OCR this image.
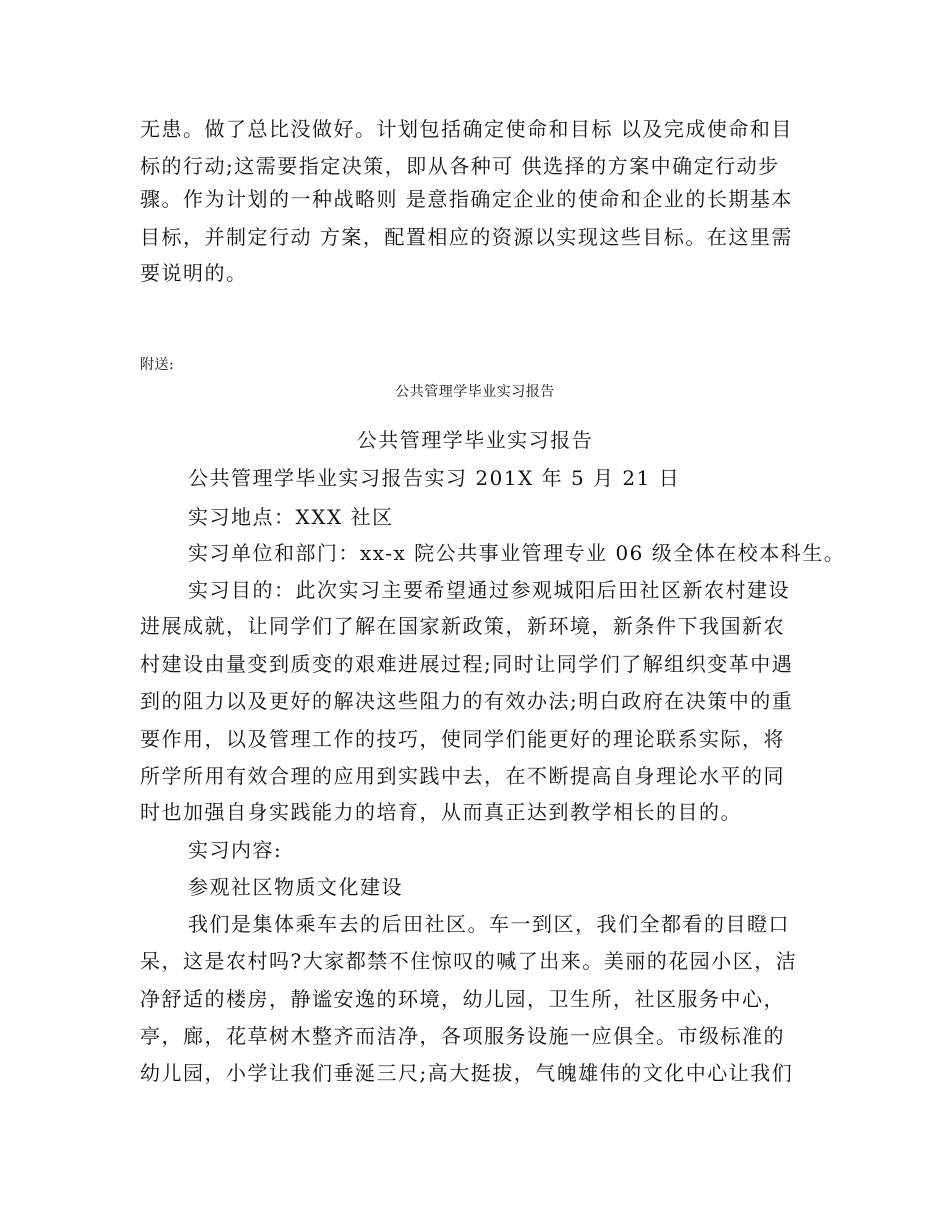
无患。做了总比没做好。计划包括确定使命和目标 以及完成使命和目
标的行动;这需要指定决策，即从各种可 供选择的方案中确定行动步
骤。作为计划的一种战略则 是意指确定企业的使命和企业的长期基本
目标，并制定行动 方案，配置相应的资源以实现这些目标。在这里需
要说明的。
附送:
公共管理学毕业实习报告
公共管理学毕业实习报告
公共管理学毕业实习报告实习 201X 年 5 月 21 日
实习地点：XXX 社区
实习单位和部门：xx-x 院公共事业管理专业 06 级全体在校本科生。
实习目的：此次实习主要希望通过参观城阳后田社区新农村建设
进展成就，让同学们了解在国家新政策，新环境，新条件下我国新农
村建设由量变到质变的艰难进展过程;同时让同学们了解组织变革中遇
到的阻力以及更好的解决这些阻力的有效办法;明白政府在决策中的重
要作用，以及管理工作的技巧，使同学们能更好的理论联系实际，将
所学所用有效合理的应用到实践中去，在不断提高自身理论水平的同
时也加强自身实践能力的培育，从而真正达到教学相长的目的。
实习内容:
参观社区物质文化建设
我们是集体乘车去的后田社区。车一到区，我们全都看的目瞪口
呆，这是农村吗?大家都禁不住惊叹的喊了出来。美丽的花园小区，洁
净舒适的楼房，静谧安逸的环境，幼儿园，卫生所，社区服务中心，
亭，廊，花草树木整齐而洁净，各项服务设施一应俱全。市级标准的
幼儿园，小学让我们垂涎三尺;高大挺拔，气魄雄伟的文化中心让我们
